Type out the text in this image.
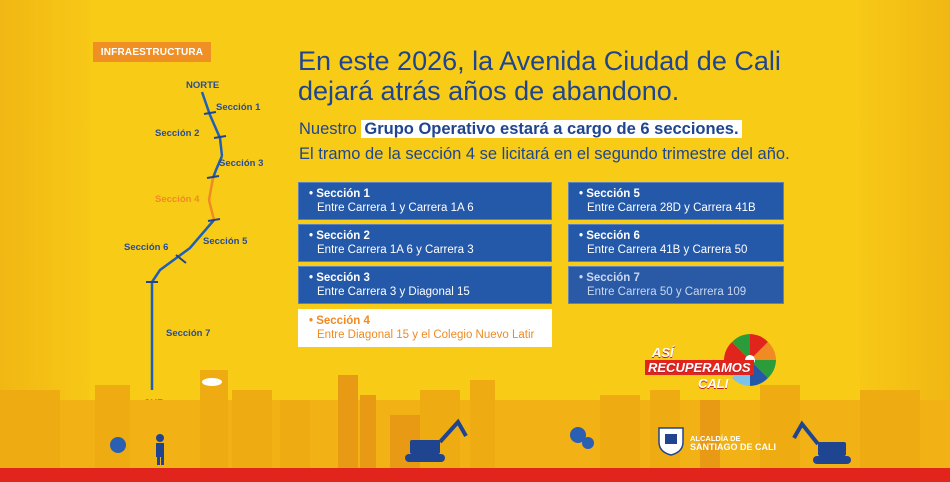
INFRAESTRUCTURA
NORTE
Sección 1
Sección 2
Sección 3
Sección 4
Sección 5
Sección 6
Sección 7
En este 2026, la Avenida Ciudad de Cali
dejará atrás años de abandono.
Nuestro Grupo Operativo estará a cargo de 6 secciones.
El tramo de la sección 4 se licitará en el segundo trimestre del año.
• Sección 1
Entre Carrera 1 y Carrera 1A 6
• Sección 2
Entre Carrera 1A 6 y Carrera 3
• Sección 3
Entre Carrera 3 y Diagonal 15
• Sección 4
Entre Diagonal 15 y el Colegio Nuevo Latir
• Sección 5
Entre Carrera 28D y Carrera 41B
• Sección 6
Entre Carrera 41B y Carrera 50
• Sección 7
Entre Carrera 50 y Carrera 109
ASÍ
RECUPERAMOS
CALI
ALCALDÍA DE
SANTIAGO DE CALI
